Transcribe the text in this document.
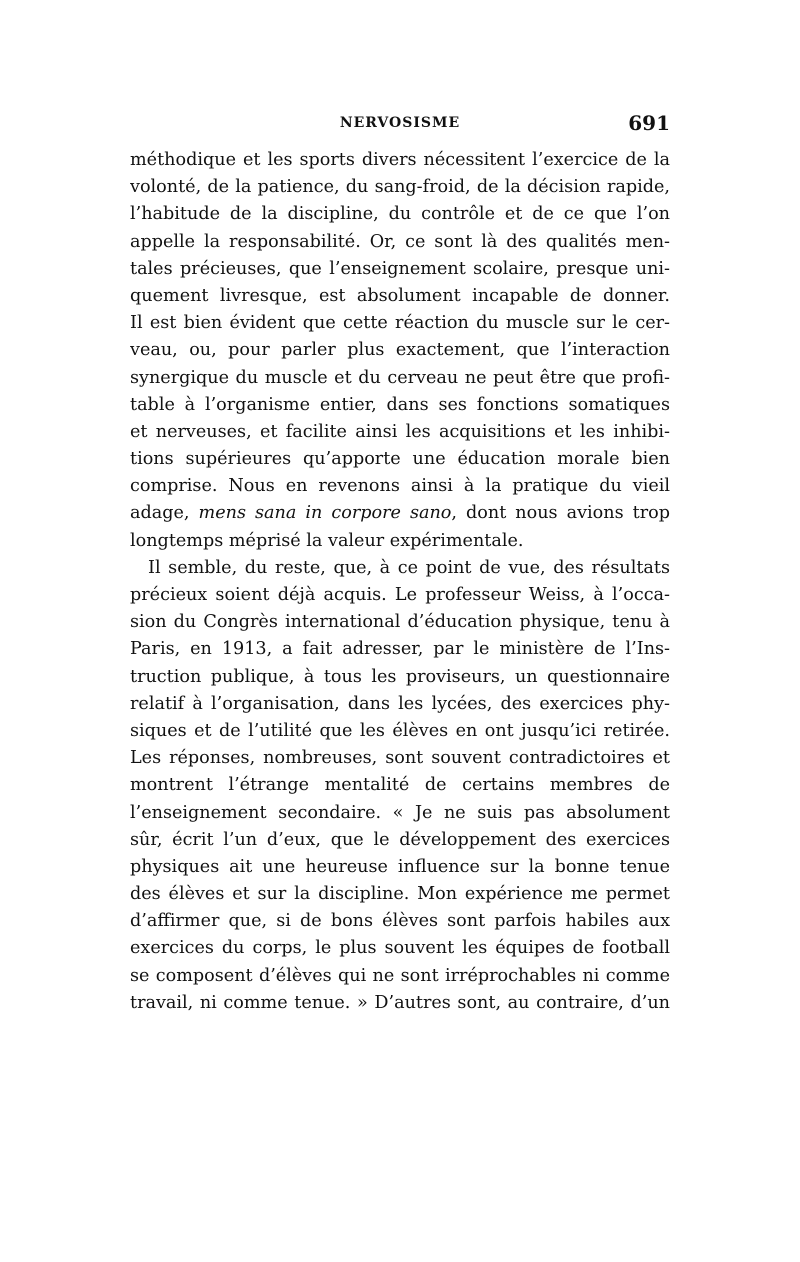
NERVOSISME	691
méthodique et les sports divers nécessitent l’exercice de la
volonté, de la patience, du sang-froid, de la décision rapide,
l’habitude de la discipline, du contrôle et de ce que l’on
appelle la responsabilité. Or, ce sont là des qualités men-
tales précieuses, que l’enseignement scolaire, presque uni-
quement livresque, est absolument incapable de donner.
Il est bien évident que cette réaction du muscle sur le cer-
veau, ou, pour parler plus exactement, que l’interaction
synergique du muscle et du cerveau ne peut être que profi-
table à l’organisme entier, dans ses fonctions somatiques
et nerveuses, et facilite ainsi les acquisitions et les inhibi-
tions supérieures qu’apporte une éducation morale bien
comprise. Nous en revenons ainsi à la pratique du vieil
adage, mens sana in corpore sano, dont nous avions trop
longtemps méprisé la valeur expérimentale.
Il semble, du reste, que, à ce point de vue, des résultats
précieux soient déjà acquis. Le professeur Weiss, à l’occa-
sion du Congrès international d’éducation physique, tenu à
Paris, en 1913, a fait adresser, par le ministère de l’Ins-
truction publique, à tous les proviseurs, un questionnaire
relatif à l’organisation, dans les lycées, des exercices phy-
siques et de l’utilité que les élèves en ont jusqu’ici retirée.
Les réponses, nombreuses, sont souvent contradictoires et
montrent l’étrange mentalité de certains membres de
l’enseignement secondaire. « Je ne suis pas absolument
sûr, écrit l’un d’eux, que le développement des exercices
physiques ait une heureuse influence sur la bonne tenue
des élèves et sur la discipline. Mon expérience me permet
d’affirmer que, si de bons élèves sont parfois habiles aux
exercices du corps, le plus souvent les équipes de football
se composent d’élèves qui ne sont irréprochables ni comme
travail, ni comme tenue. » D’autres sont, au contraire, d’un
